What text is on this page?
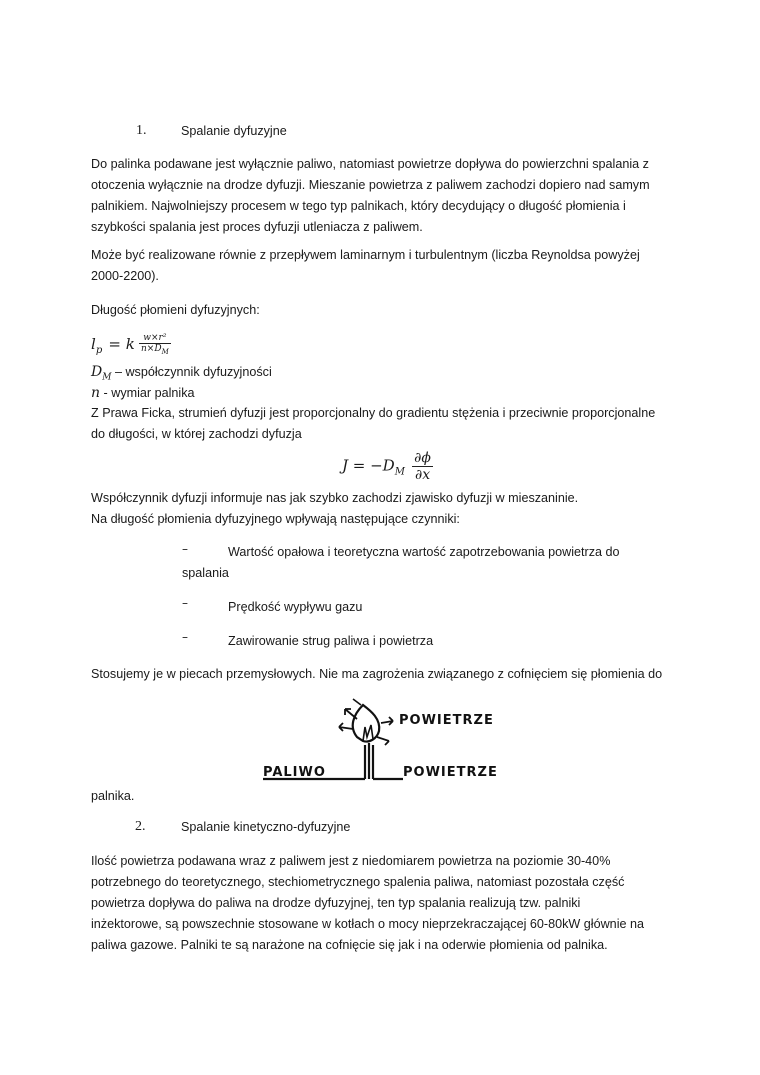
1.	Spalanie dyfuzyjne

Do palinka podawane jest wyłącznie paliwo, natomiast powietrze dopływa do powierzchni spalania z

otoczenia wyłącznie na drodze dyfuzji. Mieszanie powietrza z paliwem zachodzi dopiero nad samym

palnikiem. Najwolniejszy procesem w tego typ palnikach, który decydujący o długość płomienia i

szybkości spalania jest proces dyfuzji utleniacza z paliwem.

Może być realizowane równie z przepływem laminarnym i turbulentnym (liczba Reynoldsa powyżej

2000-2200).

Długość płomieni dyfuzyjnych:

$l_p = k \frac{\text{w×r²}}{n\times D_M}$
$D_M$ – współczynnik dyfuzyjności
n - wymiar palnika

Z Prawa Ficka, strumień dyfuzji jest proporcjonalny do gradientu stężenia i przeciwnie proporcjonalne

do długości, w której zachodzi dyfuzja

$J = -D_M \frac{\partial\phi}{\partial x}$

Współczynnik dyfuzji informuje nas jak szybko zachodzi zjawisko dyfuzji w mieszaninie.

Na długość płomienia dyfuzyjnego wpływają następujące czynniki:

–	Wartość opałowa i teoretyczna wartość zapotrzebowania powietrza do

spalania

–	Prędkość wypływu gazu

–	Zawirowanie strug paliwa i powietrza

Stosujemy je w piecach przemysłowych. Nie ma zagrożenia związanego z cofnięciem się płomienia do

POWIETRZE
PALIWO	POWIETRZE

palnika.

2.	Spalanie kinetyczno-dyfuzyjne

Ilość powietrza podawana wraz z paliwem jest z niedomiarem powietrza na poziomie 30-40%

potrzebnego do teoretycznego, stechiometrycznego spalenia paliwa, natomiast pozostała część

powietrza dopływa do paliwa na drodze dyfuzyjnej, ten typ spalania realizują tzw. palniki

inżektorowe, są powszechnie stosowane w kotłach o mocy nieprzekraczającej 60-80kW głównie na

paliwa gazowe. Palniki te są narażone na cofnięcie się jak i na oderwie płomienia od palnika.
